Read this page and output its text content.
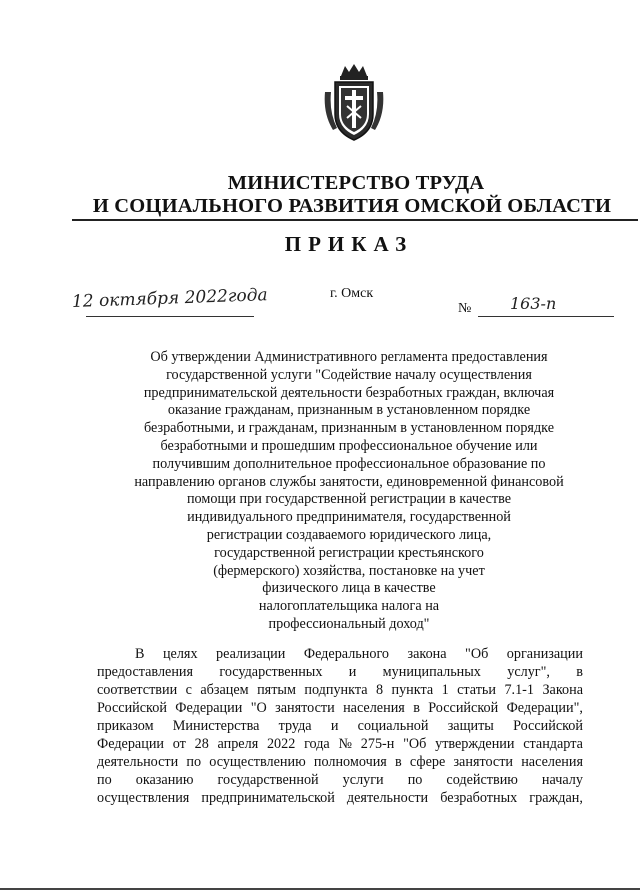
МИНИСТЕРСТВО ТРУДА
И СОЦИАЛЬНОГО РАЗВИТИЯ ОМСКОЙ ОБЛАСТИ
ПРИКАЗ
г. Омск
12 октября 2022года	№ 163-п
Об утверждении Административного регламента предоставления
государственной услуги "Содействие началу осуществления
предпринимательской деятельности безработных граждан, включая
оказание гражданам, признанным в установленном порядке
безработными, и гражданам, признанным в установленном порядке
безработными и прошедшим профессиональное обучение или
получившим дополнительное профессиональное образование по
направлению органов службы занятости, единовременной финансовой
помощи при государственной регистрации в качестве
индивидуального предпринимателя, государственной
регистрации создаваемого юридического лица,
государственной регистрации крестьянского
(фермерского) хозяйства, постановке на учет
физического лица в качестве
налогоплательщика налога на
профессиональный доход"
В целях реализации Федерального закона "Об организации
предоставления государственных и муниципальных услуг", в
соответствии с абзацем пятым подпункта 8 пункта 1 статьи 7.1-1 Закона
Российской Федерации "О занятости населения в Российской Федерации",
приказом Министерства труда и социальной защиты Российской
Федерации от 28 апреля 2022 года № 275-н "Об утверждении стандарта
деятельности по осуществлению полномочия в сфере занятости населения
по оказанию государственной услуги по содействию началу
осуществления предпринимательской деятельности безработных граждан,
